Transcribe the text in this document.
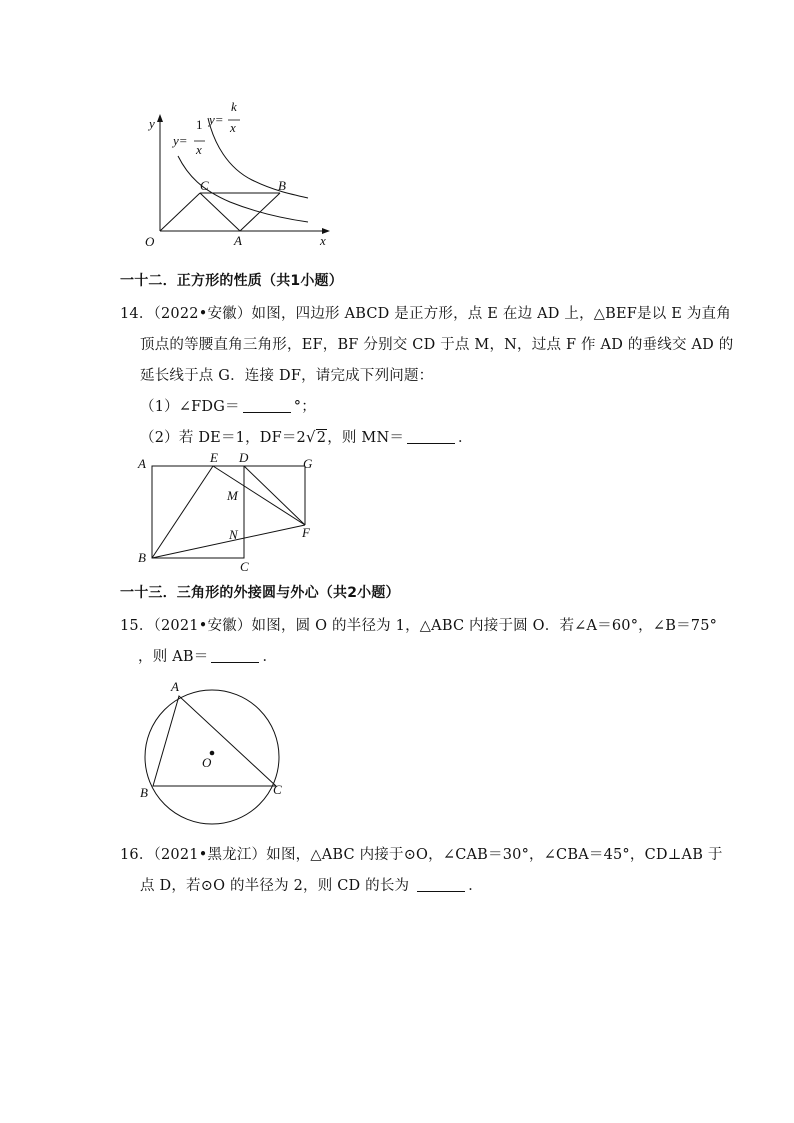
y
x
O
C	B
A
y=
1
x
y=
k
x
一十二．正方形的性质（共1小题）
14．（2022•安徽）如图，四边形 ABCD 是正方形，点 E 在边 AD 上，△BEF是以 E 为直角
顶点的等腰直角三角形，EF，BF 分别交 CD 于点 M，N，过点 F 作 AD 的垂线交 AD 的
延长线于点 G．连接 DF，请完成下列问题：
（1）∠FDG＝	°；
（2）若 DE＝1，DF＝2√2，则 MN＝	．
A	E D	G
M
N	F
B
C
一十三．三角形的外接圆与外心（共2小题）
15．（2021•安徽）如图，圆 O 的半径为 1，△ABC 内接于圆 O．若∠A＝60°，∠B＝75°
，则 AB＝	．
A
O
B	C
16．（2021•黑龙江）如图，△ABC 内接于⊙O，∠CAB＝30°，∠CBA＝45°，CD⊥AB 于
点 D，若⊙O 的半径为 2，则 CD 的长为	．
